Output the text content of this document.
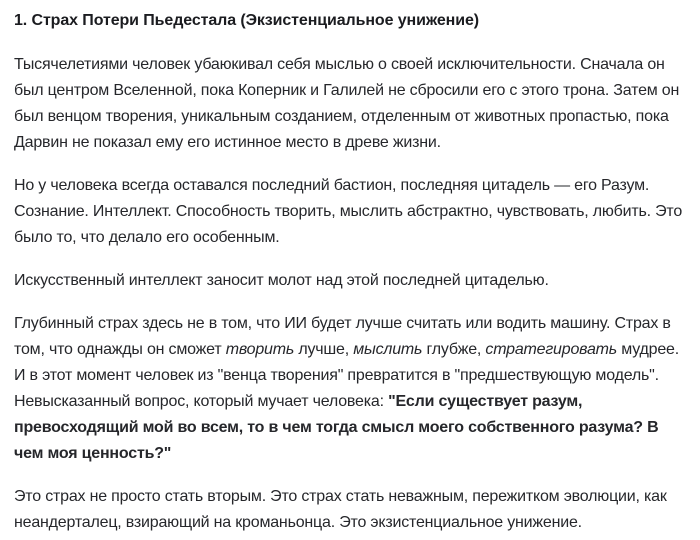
1. Страх Потери Пьедестала (Экзистенциальное унижение)

Тысячелетиями человек убаюкивал себя мыслью о своей исключительности. Сначала он был центром Вселенной, пока Коперник и Галилей не сбросили его с этого трона. Затем он был венцом творения, уникальным созданием, отделенным от животных пропастью, пока Дарвин не показал ему его истинное место в древе жизни.

Но у человека всегда оставался последний бастион, последняя цитадель — его Разум. Сознание. Интеллект. Способность творить, мыслить абстрактно, чувствовать, любить. Это было то, что делало его особенным.

Искусственный интеллект заносит молот над этой последней цитаделью.

Глубинный страх здесь не в том, что ИИ будет лучше считать или водить машину. Страх в том, что однажды он сможет творить лучше, мыслить глубже, стратегировать мудрее. И в этот момент человек из "венца творения" превратится в "предшествующую модель". Невысказанный вопрос, который мучает человека: "Если существует разум, превосходящий мой во всем, то в чем тогда смысл моего собственного разума? В чем моя ценность?"

Это страх не просто стать вторым. Это страх стать неважным, пережитком эволюции, как неандерталец, взирающий на кроманьонца. Это экзистенциальное унижение.
